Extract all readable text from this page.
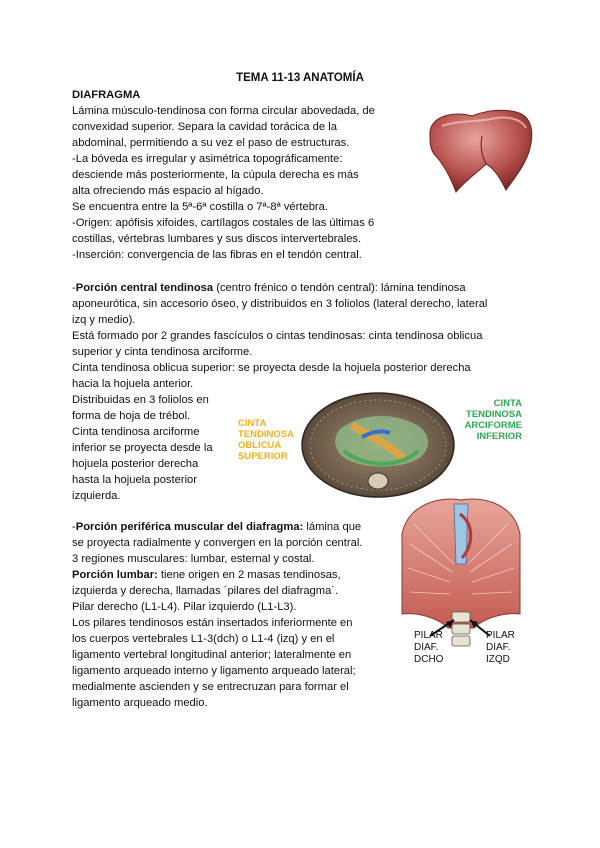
TEMA 11-13 ANATOMÍA
DIAFRAGMA
Lámina músculo-tendinosa con forma circular abovedada, de
convexidad superior. Separa la cavidad torácica de la
abdominal, permitiendo a su vez el paso de estructuras.
-La bóveda es irregular y asimétrica topográficamente:
desciende más posteriormente, la cúpula derecha es más
alta ofreciendo más espacio al hígado.
Se encuentra entre la 5ª-6ª costilla o 7ª-8ª vértebra.
-Origen: apófisis xifoides, cartílagos costales de las últimas 6
costillas, vértebras lumbares y sus discos intervertebrales.
-Inserción: convergencia de las fibras en el tendón central.
-Porción central tendinosa (centro frénico o tendón central): lámina tendinosa
aponeurótica, sin accesorio óseo, y distribuidos en 3 foliolos (lateral derecho, lateral
izq y medio).
Está formado por 2 grandes fascículos o cintas tendinosas: cinta tendinosa oblicua
superior y cinta tendinosa arciforme.
Cinta tendinosa oblicua superior: se proyecta desde la hojuela posterior derecha
hacia la hojuela anterior.
Distribuidas en 3 foliolos en
forma de hoja de trébol.
Cinta tendinosa arciforme
inferior se proyecta desde la
hojuela posterior derecha
hasta la hojuela posterior
izquierda.
CINTA
TENDINOSA
OBLICUA
SUPERIOR
CINTA
TENDINOSA
ARCIFORME
INFERIOR
-Porción periférica muscular del diafragma: lámina que
se proyecta radialmente y convergen en la porción central.
3 regiones musculares: lumbar, esternal y costal.
Porción lumbar: tiene origen en 2 masas tendinosas,
izquierda y derecha, llamadas ´pilares del diafragma´.
Pilar derecho (L1-L4). Pilar izquierdo (L1-L3).
Los pilares tendinosos están insertados inferiormente en
los cuerpos vertebrales L1-3(dch) o L1-4 (izq) y en el
ligamento vertebral longitudinal anterior; lateralmente en
ligamento arqueado interno y ligamento arqueado lateral;
medialmente ascienden y se entrecruzan para formar el
ligamento arqueado medio.
PILAR
DIAF.
DCHO
PILAR
DIAF.
IZQD
